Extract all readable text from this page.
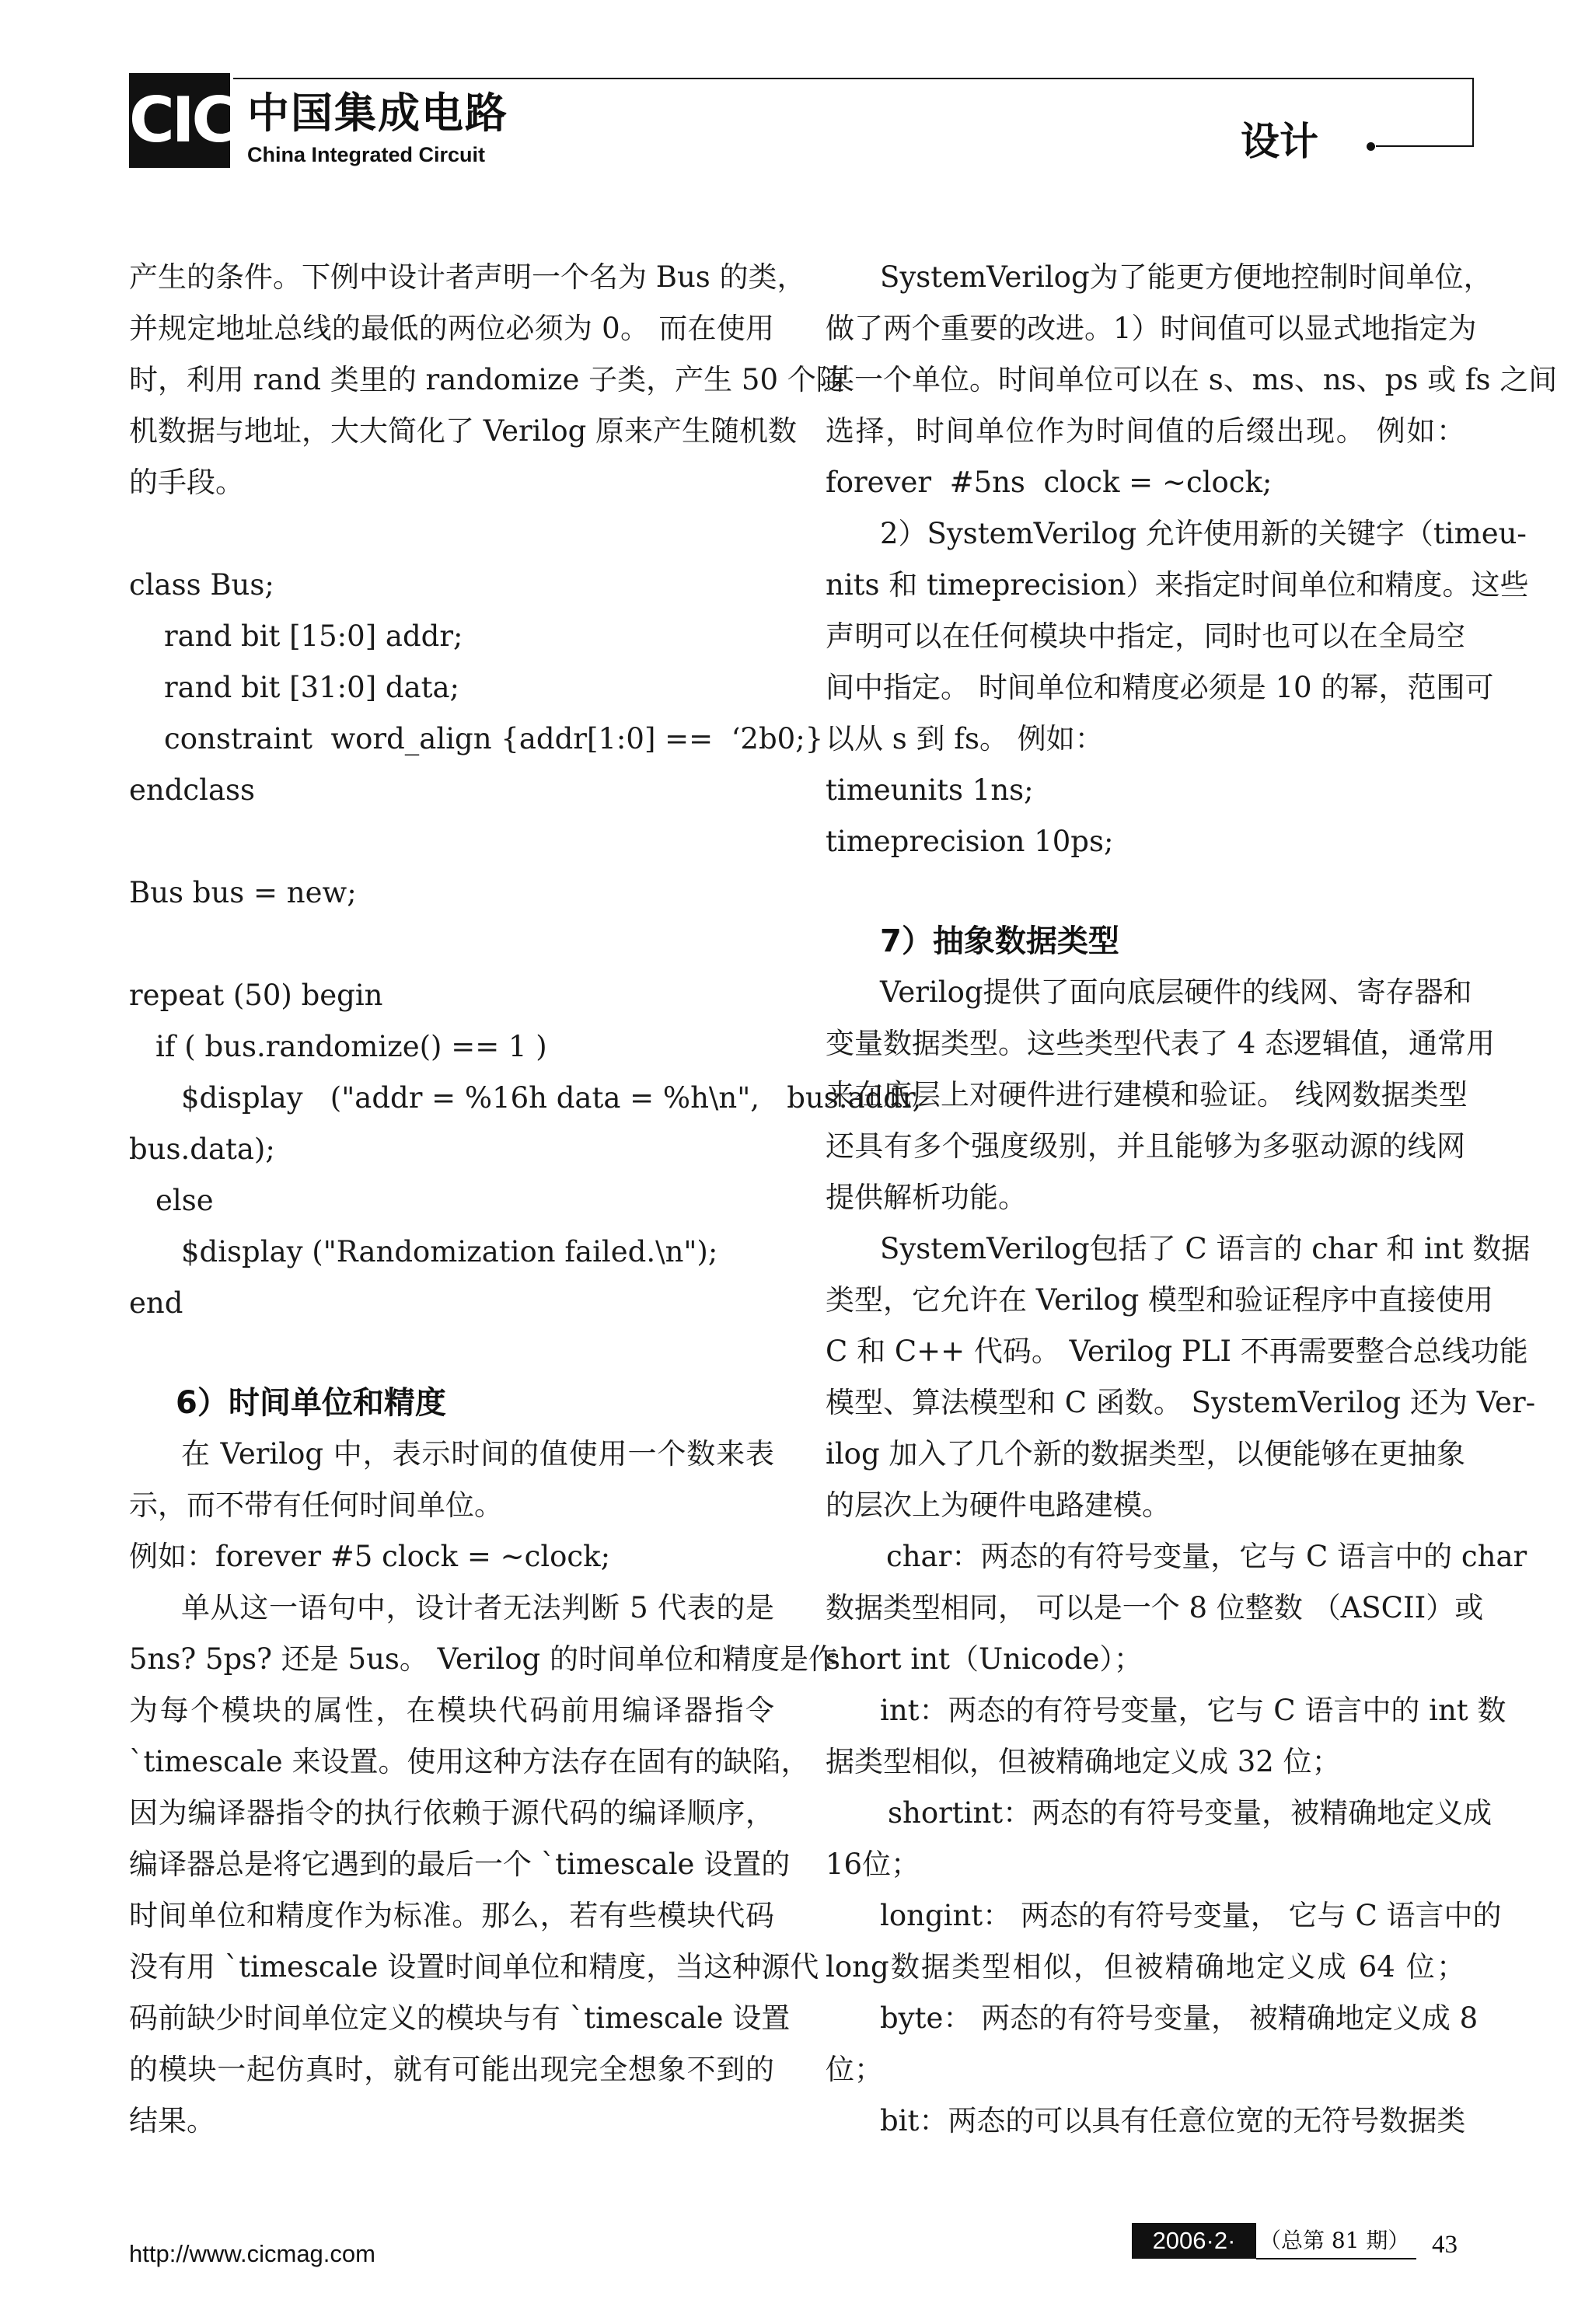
CIC 中国集成电路
China Integrated Circuit	设计
产生的条件。下例中设计者声明一个名为 Bus 的类，
并规定地址总线的最低的两位必须为 0。 而在使用
时，利用 rand 类里的 randomize 子类，产生 50 个随
机数据与地址，大大简化了 Verilog 原来产生随机数
的手段。
class Bus;
rand bit [15:0] addr;
rand bit [31:0] data;
constraint  word_align {addr[1:0] ==  ‘2b0;}
endclass
Bus bus = new;
repeat (50) begin
if ( bus.randomize() == 1 )
$display   ("addr = %16h data = %h\n",   bus.addr,
bus.data);
else
$display ("Randomization failed.\n");
end
6）时间单位和精度
在 Verilog 中，表示时间的值使用一个数来表
示，而不带有任何时间单位。
例如：forever #5 clock = ~clock;
单从这一语句中，设计者无法判断 5 代表的是
5ns? 5ps? 还是 5us。 Verilog 的时间单位和精度是作
为每个模块的属性，在模块代码前用编译器指令
`timescale 来设置。使用这种方法存在固有的缺陷，
因为编译器指令的执行依赖于源代码的编译顺序，
编译器总是将它遇到的最后一个 `timescale 设置的
时间单位和精度作为标准。那么，若有些模块代码
没有用 `timescale 设置时间单位和精度，当这种源代
码前缺少时间单位定义的模块与有 `timescale 设置
的模块一起仿真时，就有可能出现完全想象不到的
结果。
SystemVerilog为了能更方便地控制时间单位，
做了两个重要的改进。1）时间值可以显式地指定为
某一个单位。时间单位可以在 s、ms、ns、ps 或 fs 之间
选择，时间单位作为时间值的后缀出现。 例如：
forever  #5ns  clock = ~clock;
2）SystemVerilog 允许使用新的关键字（timeu-
nits 和 timeprecision）来指定时间单位和精度。这些
声明可以在任何模块中指定，同时也可以在全局空
间中指定。 时间单位和精度必须是 10 的幂，范围可
以从 s 到 fs。 例如：
timeunits 1ns;
timeprecision 10ps;
7）抽象数据类型
Verilog提供了面向底层硬件的线网、寄存器和
变量数据类型。这些类型代表了 4 态逻辑值，通常用
来在底层上对硬件进行建模和验证。 线网数据类型
还具有多个强度级别，并且能够为多驱动源的线网
提供解析功能。
SystemVerilog包括了 C 语言的 char 和 int 数据
类型，它允许在 Verilog 模型和验证程序中直接使用
C 和 C++ 代码。 Verilog PLI 不再需要整合总线功能
模型、算法模型和 C 函数。 SystemVerilog 还为 Ver-
ilog 加入了几个新的数据类型，以便能够在更抽象
的层次上为硬件电路建模。
char：两态的有符号变量，它与 C 语言中的 char
数据类型相同， 可以是一个 8 位整数 （ASCII）或
short int（Unicode）；
int：两态的有符号变量，它与 C 语言中的 int 数
据类型相似，但被精确地定义成 32 位；
shortint：两态的有符号变量，被精确地定义成
16位；
longint： 两态的有符号变量， 它与 C 语言中的
long数据类型相似，但被精确地定义成 64 位；
byte： 两态的有符号变量， 被精确地定义成 8
位；
bit：两态的可以具有任意位宽的无符号数据类
http://www.cicmag.com	2006·2·	（总第 81 期） 43
